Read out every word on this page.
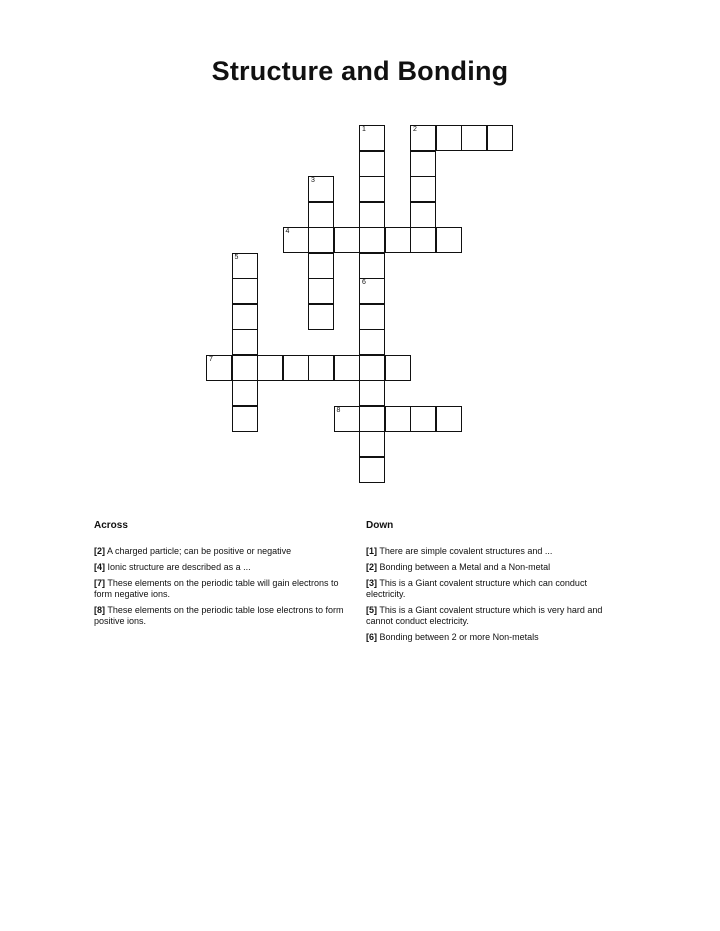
Structure and Bonding
1	2
3
4
5
6
7
8
Across
[2] A charged particle; can be positive or negative
[4] Ionic structure are described as a ...
[7] These elements on the periodic table will gain electrons to form negative ions.
[8] These elements on the periodic table lose electrons to form positive ions.
Down
[1] There are simple covalent structures and ...
[2] Bonding between a Metal and a Non-metal
[3] This is a Giant covalent structure which can conduct electricity.
[5] This is a Giant covalent structure which is very hard and cannot conduct electricity.
[6] Bonding between 2 or more Non-metals
